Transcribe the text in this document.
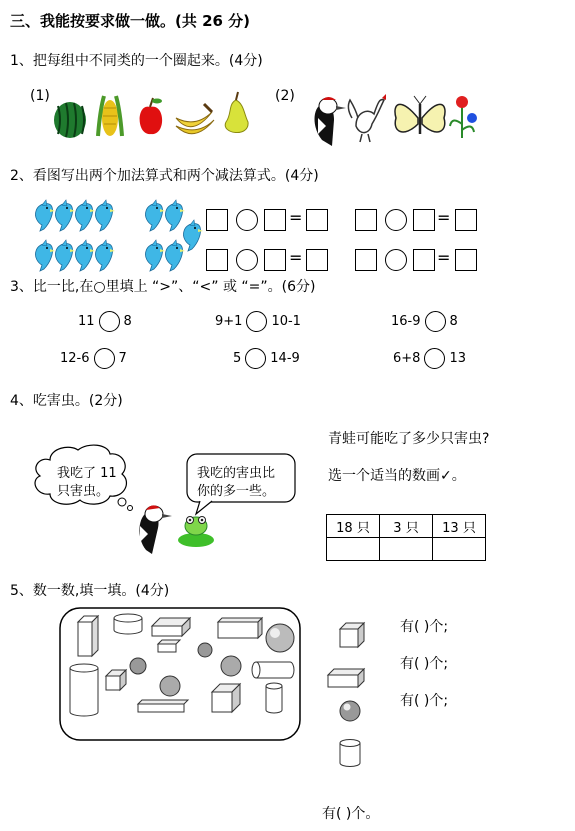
三、我能按要求做一做。(共 26 分)
1、把每组中不同类的一个圈起来。(4分)
(1)	(2)
2、看图写出两个加法算式和两个减法算式。(4分)
=	=
=	=
3、比一比,在○里填上 “>”、“<” 或 “=”。(6分)
11 8	9+1 10-1	16-9 8
12-6 7	5 14-9	6+8 13
4、吃害虫。(2分)
我吃了 11
只害虫。
我吃的害虫比
你的多一些。
青蛙可能吃了多少只害虫?
选一个适当的数画✓。
18 只	3 只	13 只

5、数一数,填一填。(4分)
有( )个;
有( )个;
有( )个;
有( )个。
